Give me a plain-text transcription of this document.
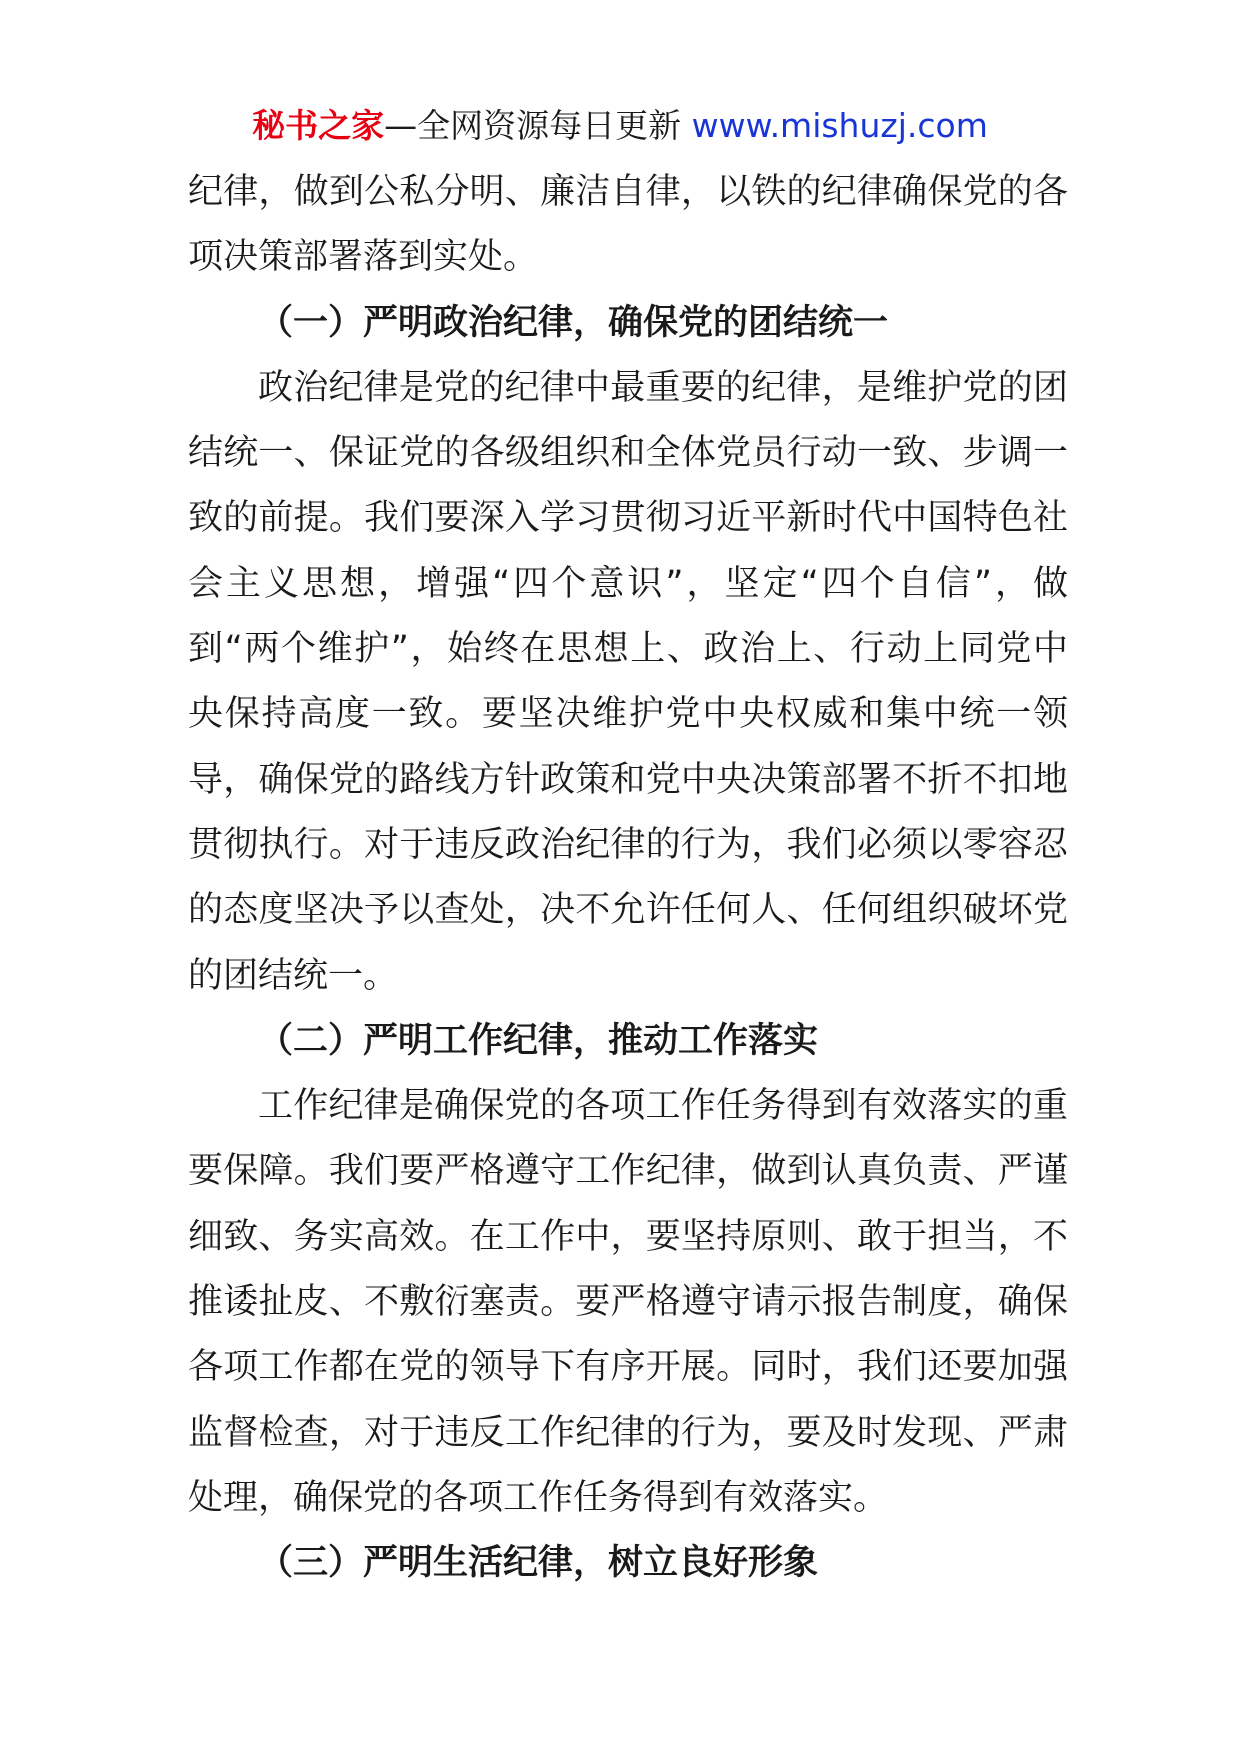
秘书之家—全网资源每日更新 www.mishuzj.com
纪律，做到公私分明、廉洁自律，以铁的纪律确保党的各
项决策部署落到实处。
（一）严明政治纪律，确保党的团结统一
政治纪律是党的纪律中最重要的纪律，是维护党的团
结统一、保证党的各级组织和全体党员行动一致、步调一
致的前提。我们要深入学习贯彻习近平新时代中国特色社
会主义思想，增强“四个意识”，坚定“四个自信”，做
到“两个维护”，始终在思想上、政治上、行动上同党中
央保持高度一致。要坚决维护党中央权威和集中统一领
导，确保党的路线方针政策和党中央决策部署不折不扣地
贯彻执行。对于违反政治纪律的行为，我们必须以零容忍
的态度坚决予以查处，决不允许任何人、任何组织破坏党
的团结统一。
（二）严明工作纪律，推动工作落实
工作纪律是确保党的各项工作任务得到有效落实的重
要保障。我们要严格遵守工作纪律，做到认真负责、严谨
细致、务实高效。在工作中，要坚持原则、敢于担当，不
推诿扯皮、不敷衍塞责。要严格遵守请示报告制度，确保
各项工作都在党的领导下有序开展。同时，我们还要加强
监督检查，对于违反工作纪律的行为，要及时发现、严肃
处理，确保党的各项工作任务得到有效落实。
（三）严明生活纪律，树立良好形象
